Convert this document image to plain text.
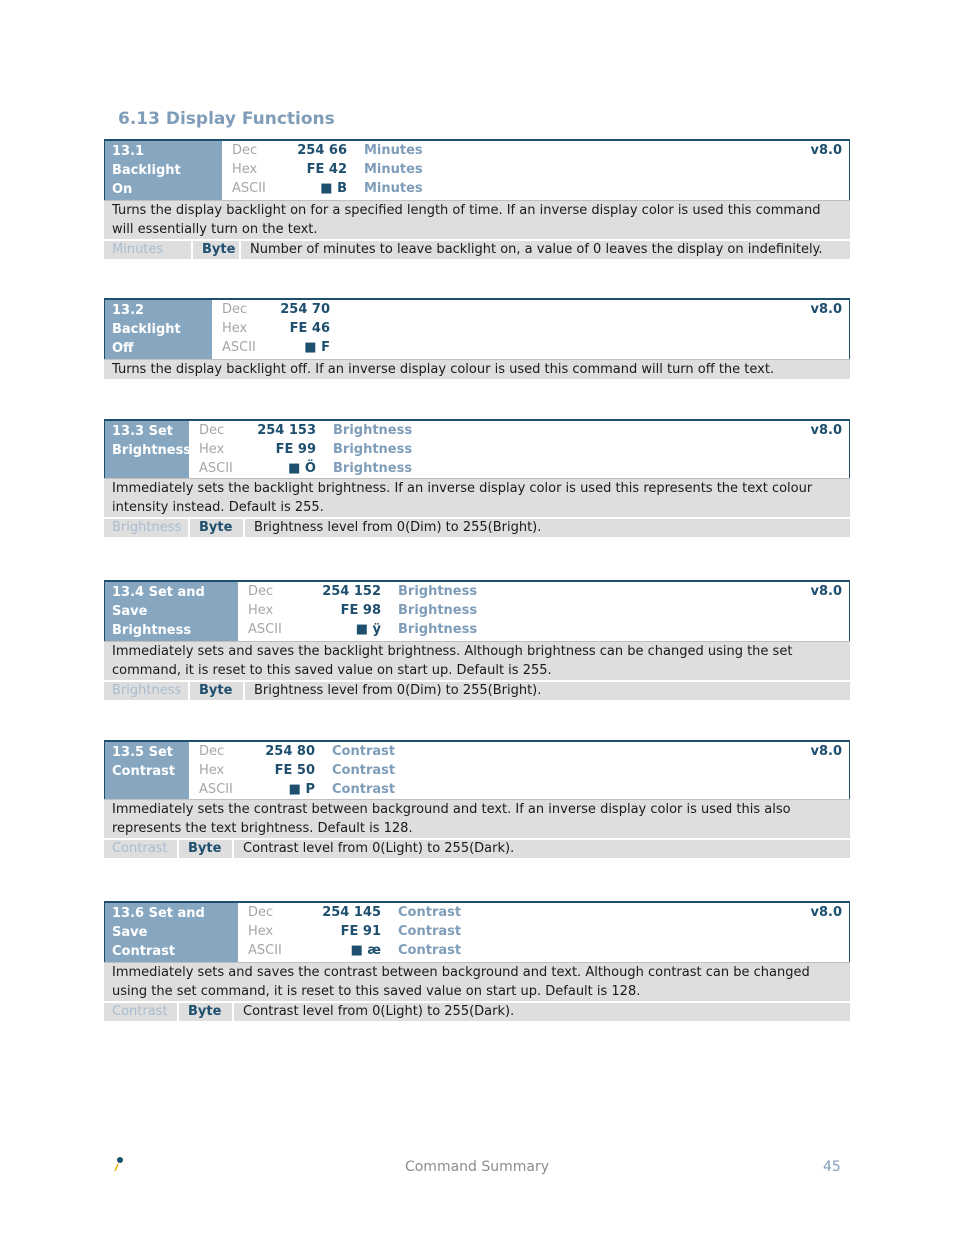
6.13 Display Functions
13.1 Backlight
On
Dec	254 66 Minutes
Hex	FE 42 Minutes
ASCII	■ B Minutes
v8.0
Turns the display backlight on for a specified length of time. If an inverse display color is used this command will essentially turn on the text.
Minutes	Byte	Number of minutes to leave backlight on, a value of 0 leaves the display on indefinitely.
13.2 Backlight
Off
Dec	254 70
Hex	FE 46
ASCII	■ F
v8.0
Turns the display backlight off. If an inverse display colour is used this command will turn off the text.
13.3 Set
Brightness
Dec	254 153 Brightness
Hex	FE 99 Brightness
ASCII	■ Ö Brightness
v8.0
Immediately sets the backlight brightness. If an inverse display color is used this represents the text colour intensity instead. Default is 255.
Brightness	Byte	Brightness level from 0(Dim) to 255(Bright).
13.4 Set and Save
Brightness
Dec	254 152 Brightness
Hex	FE 98 Brightness
ASCII	■ ÿ Brightness
v8.0
Immediately sets and saves the backlight brightness. Although brightness can be changed using the set command, it is reset to this saved value on start up. Default is 255.
Brightness	Byte	Brightness level from 0(Dim) to 255(Bright).
13.5 Set
Contrast
Dec	254 80 Contrast
Hex	FE 50 Contrast
ASCII	■ P Contrast
v8.0
Immediately sets the contrast between background and text. If an inverse display color is used this also represents the text brightness. Default is 128.
Contrast	Byte	Contrast level from 0(Light) to 255(Dark).
13.6 Set and Save
Contrast
Dec	254 145 Contrast
Hex	FE 91 Contrast
ASCII	■ æ Contrast
v8.0
Immediately sets and saves the contrast between background and text. Although contrast can be changed using the set command, it is reset to this saved value on start up. Default is 128.
Contrast	Byte	Contrast level from 0(Light) to 255(Dark).
Command Summary	45
